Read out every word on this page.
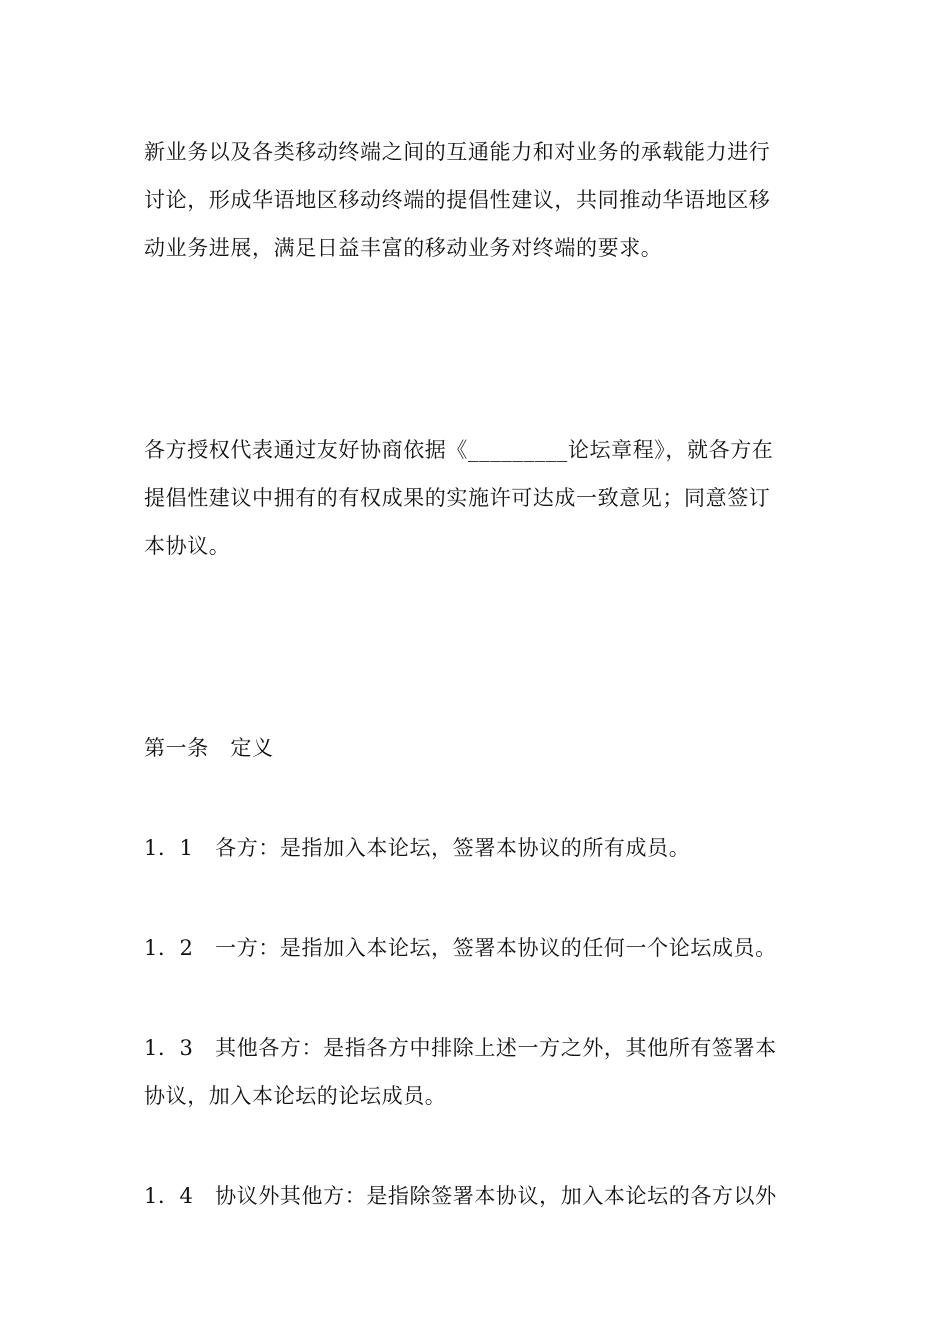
新业务以及各类移动终端之间的互通能力和对业务的承载能力进行
讨论，形成华语地区移动终端的提倡性建议，共同推动华语地区移
动业务进展，满足日益丰富的移动业务对终端的要求。
各方授权代表通过友好协商依据《_________论坛章程》，就各方在
提倡性建议中拥有的有权成果的实施许可达成一致意见；同意签订
本协议。
第一条　定义
1．1　各方：是指加入本论坛，签署本协议的所有成员。
1．2　一方：是指加入本论坛，签署本协议的任何一个论坛成员。
1．3　其他各方：是指各方中排除上述一方之外，其他所有签署本
协议，加入本论坛的论坛成员。
1．4　协议外其他方：是指除签署本协议，加入本论坛的各方以外
